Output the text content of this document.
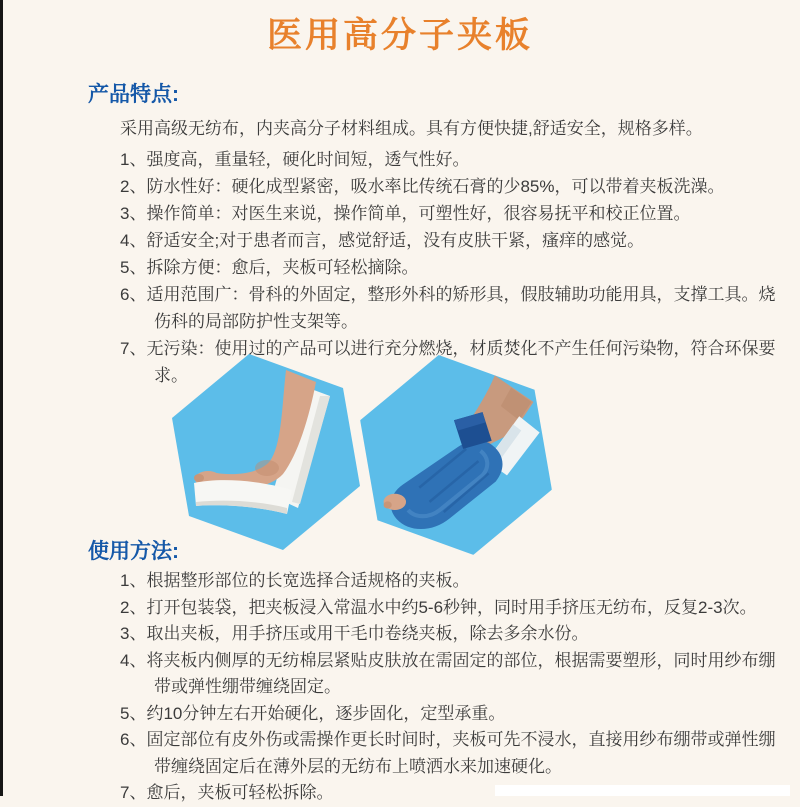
医用高分子夹板
产品特点:

采用高级无纺布，内夹高分子材料组成。具有方便快捷,舒适安全，规格多样。

1、强度高，重量轻，硬化时间短，透气性好。
2、防水性好：硬化成型紧密，吸水率比传统石膏的少85%，可以带着夹板洗澡。
3、操作简单：对医生来说，操作简单，可塑性好，很容易抚平和校正位置。
4、舒适安全;对于患者而言，感觉舒适，没有皮肤干紧，瘙痒的感觉。
5、拆除方便：愈后，夹板可轻松摘除。
6、适用范围广：骨科的外固定，整形外科的矫形具，假肢辅助功能用具，支撑工具。烧伤科的局部防护性支架等。
7、无污染：使用过的产品可以进行充分燃烧，材质焚化不产生任何污染物，符合环保要求。
使用方法:
1、根据整形部位的长宽选择合适规格的夹板。
2、打开包装袋，把夹板浸入常温水中约5-6秒钟，同时用手挤压无纺布，反复2-3次。
3、取出夹板，用手挤压或用干毛巾卷绕夹板，除去多余水份。
4、将夹板内侧厚的无纺棉层紧贴皮肤放在需固定的部位，根据需要塑形，同时用纱布绷带或弹性绷带缠绕固定。
5、约10分钟左右开始硬化，逐步固化，定型承重。
6、固定部位有皮外伤或需操作更长时间时，夹板可先不浸水，直接用纱布绷带或弹性绷带缠绕固定后在薄外层的无纺布上喷洒水来加速硬化。
7、愈后，夹板可轻松拆除。
